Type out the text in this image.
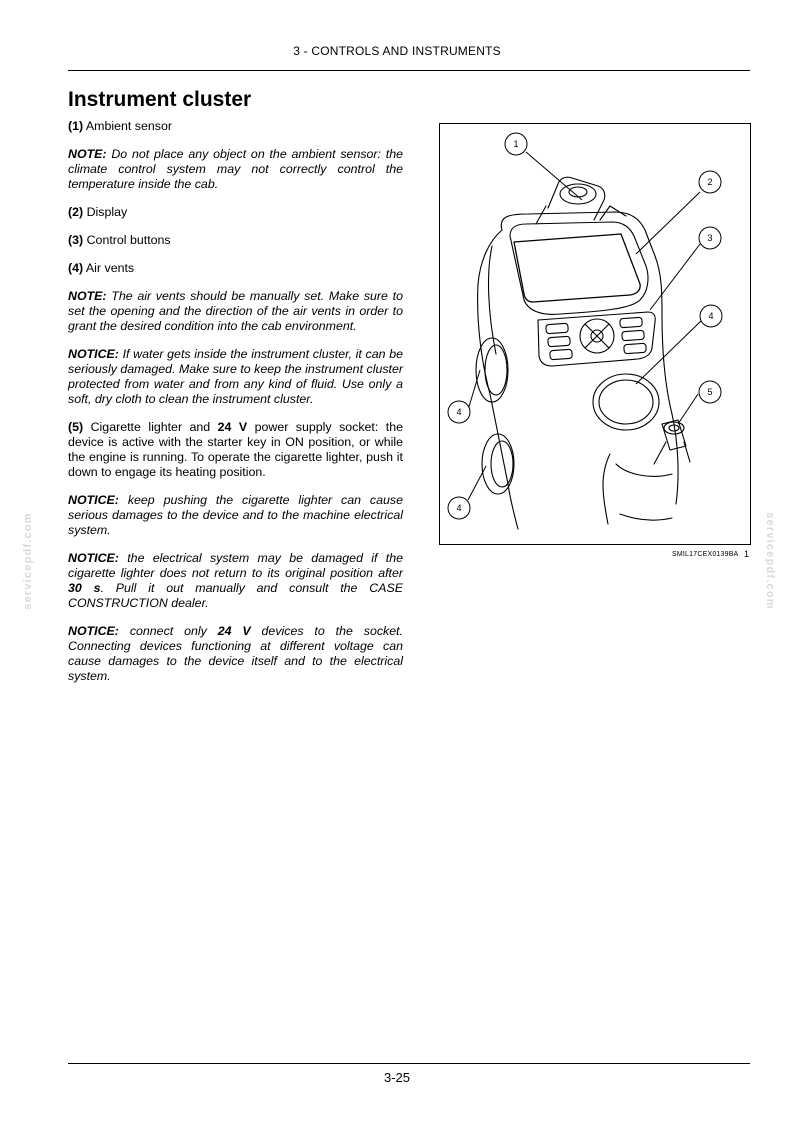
3 - CONTROLS AND INSTRUMENTS
Instrument cluster

(1) Ambient sensor

NOTE: Do not place any object on the ambient sensor: the climate control system may not correctly control the temperature inside the cab.

(2) Display

(3) Control buttons

(4) Air vents

NOTE: The air vents should be manually set. Make sure to set the opening and the direction of the air vents in order to grant the desired condition into the cab environment.

NOTICE: If water gets inside the instrument cluster, it can be seriously damaged. Make sure to keep the instrument cluster protected from water and from any kind of fluid. Use only a soft, dry cloth to clean the instrument cluster.

(5) Cigarette lighter and 24 V power supply socket: the device is active with the starter key in ON position, or while the engine is running. To operate the cigarette lighter, push it down to engage its heating position.

NOTICE: keep pushing the cigarette lighter can cause serious damages to the device and to the machine electrical system.

NOTICE: the electrical system may be damaged if the cigarette lighter does not return to its original position after 30 s. Pull it out manually and consult the CASE CONSTRUCTION dealer.

NOTICE: connect only 24 V devices to the socket. Connecting devices functioning at different voltage can cause damages to the device itself and to the electrical system.

1
2
3
4
5
4
4
SMIL17CEX0139BA 1
servicepdf.com	servicepdf.com
3-25
